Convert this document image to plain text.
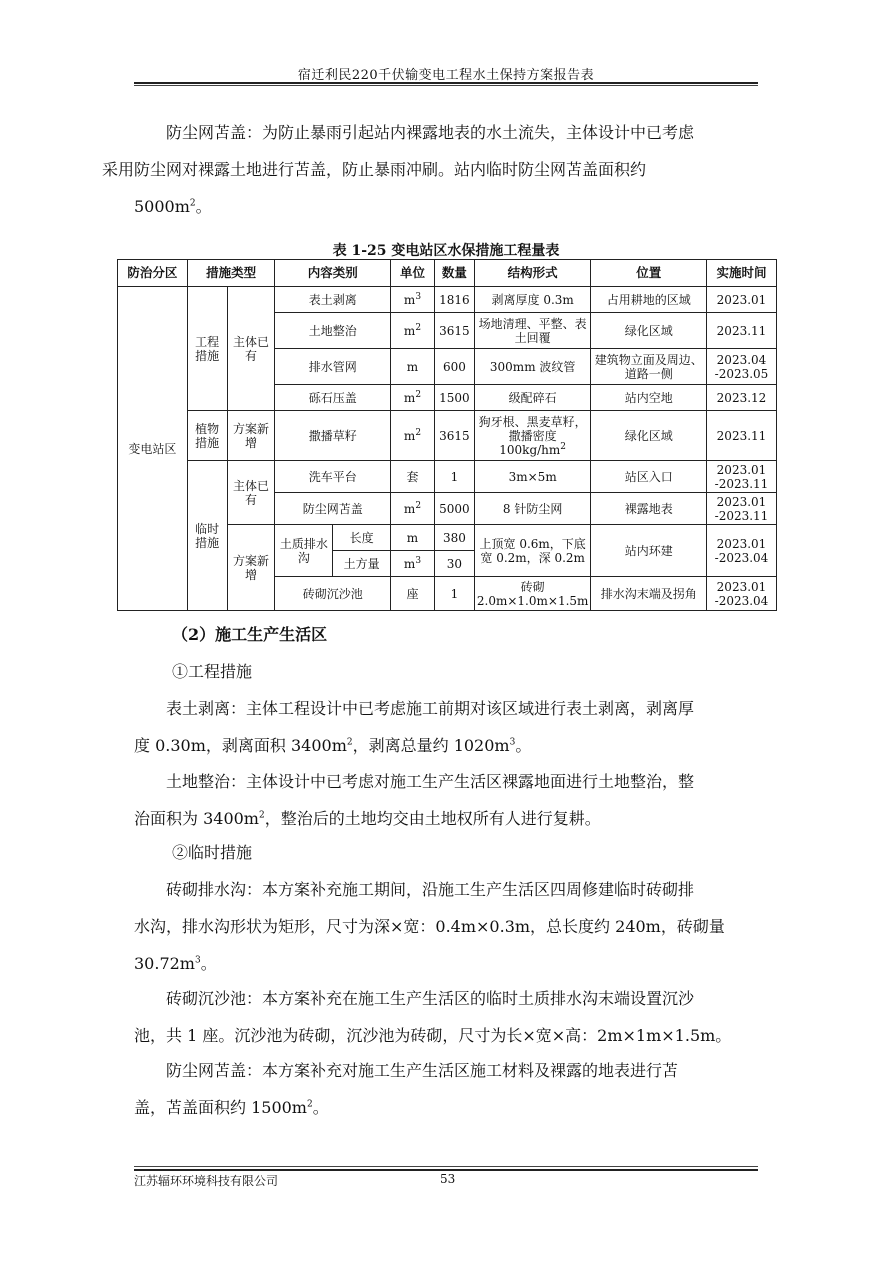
宿迁利民220千伏输变电工程水土保持方案报告表
防尘网苫盖：为防止暴雨引起站内裸露地表的水土流失，主体设计中已考虑
采用防尘网对裸露土地进行苫盖，防止暴雨冲刷。站内临时防尘网苫盖面积约
$5000m^2$。
表 1-25 变电站区水保措施工程量表
防治分区	措施类型		内容类别		单位	数量	结构形式	位置	实施时间
变电站区	工程措施	主体已有	表土剥离		$m^3$	1816	剥离厚度 0.3m	占用耕地的区域	2023.01
			土地整治		$m^2$	3615	场地清理、平整、表土回覆	绿化区域	2023.11
			排水管网		m	600	300mm 波纹管	建筑物立面及周边、道路一侧	2023.04 -2023.05
			砾石压盖		$m^2$	1500	级配碎石	站内空地	2023.12
	植物措施	方案新增	撒播草籽		$m^2$	3615	狗牙根、黑麦草籽，撒播密度 $100kg/hm^2$	绿化区域	2023.11
	临时措施	主体已有	洗车平台		套	1	3m×5m	站区入口	2023.01 -2023.11
			防尘网苫盖		$m^2$	5000	8 针防尘网	裸露地表	2023.01 -2023.11
		方案新增	土质排水沟	长度	m	380	上顶宽 0.6m，下底宽 0.2m，深 0.2m	站内环建	2023.01 -2023.04
				土方量	$m^3$	30			
			砖砌沉沙池		座	1	砖砌 2.0m×1.0m×1.5m	排水沟末端及拐角	2023.01 -2023.04
（2）施工生产生活区
①工程措施
表土剥离：主体工程设计中已考虑施工前期对该区域进行表土剥离，剥离厚
度 0.30m，剥离面积 $3400m^2$，剥离总量约 $1020m^3$。
土地整治：主体设计中已考虑对施工生产生活区裸露地面进行土地整治，整
治面积为 $3400m^2$，整治后的土地均交由土地权所有人进行复耕。
②临时措施
砖砌排水沟：本方案补充施工期间，沿施工生产生活区四周修建临时砖砌排
水沟，排水沟形状为矩形，尺寸为深×宽：0.4m×0.3m，总长度约 240m，砖砌量
$30.72m^3$。
砖砌沉沙池：本方案补充在施工生产生活区的临时土质排水沟末端设置沉沙
池，共 1 座。沉沙池为砖砌，沉沙池为砖砌，尺寸为长×宽×高：2m×1m×1.5m。
防尘网苫盖：本方案补充对施工生产生活区施工材料及裸露的地表进行苫
盖，苫盖面积约 $1500m^2$。
江苏辐环环境科技有限公司	53
